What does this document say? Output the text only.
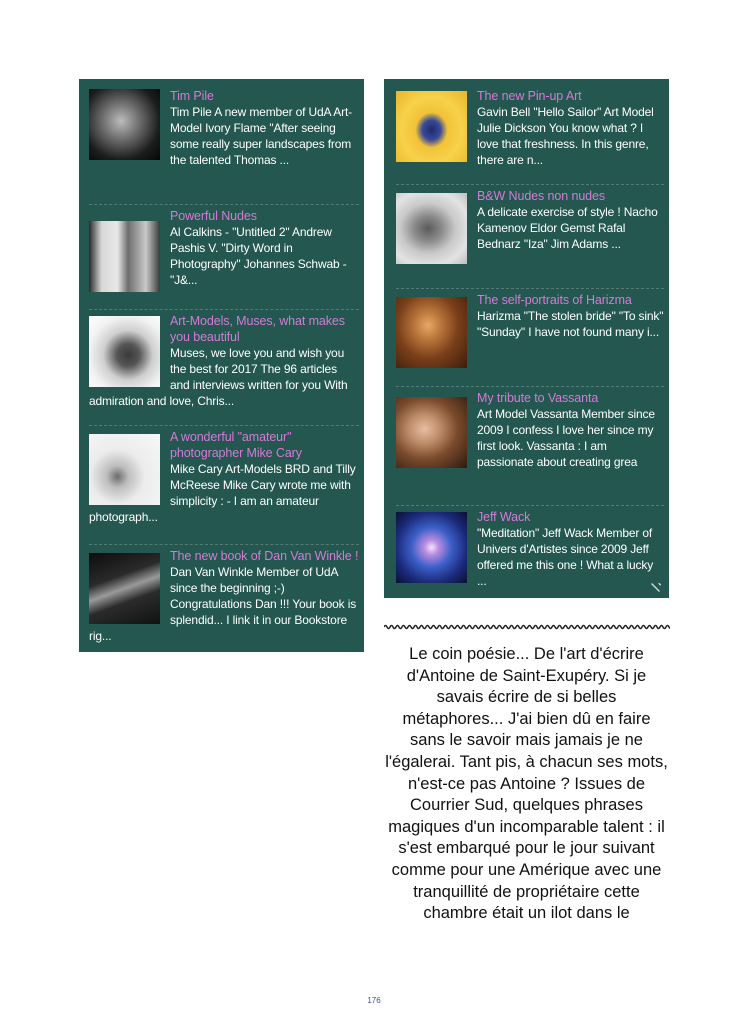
Tim Pile
Tim Pile A new member of UdA Art-Model Ivory Flame "After seeing some really super landscapes from the talented Thomas ...
Powerful Nudes
Al Calkins - "Untitled 2" Andrew Pashis V. "Dirty Word in Photography" Johannes Schwab - "J&...
Art-Models, Muses, what makes you beautiful
Muses, we love you and wish you the best for 2017 The 96 articles and interviews written for you With admiration and love, Chris...
A wonderful "amateur" photographer Mike Cary
Mike Cary Art-Models BRD and Tilly McReese Mike Cary wrote me with simplicity : - I am an amateur photograph...
The new book of Dan Van Winkle !
Dan Van Winkle Member of UdA since the beginning ;-) Congratulations Dan !!! Your book is splendid... I link it in our Bookstore rig...
The new Pin-up Art
Gavin Bell "Hello Sailor" Art Model Julie Dickson You know what ? I love that freshness. In this genre, there are n...
B&W Nudes non nudes
A delicate exercise of style ! Nacho Kamenov Eldor Gemst Rafal Bednarz "Iza" Jim Adams ...
The self-portraits of Harizma
Harizma "The stolen bride" "To sink" "Sunday" I have not found many i...
My tribute to Vassanta
Art Model Vassanta Member since 2009 I confess I love her since my first look. Vassanta : I am passionate about creating grea
Jeff Wack
"Meditation" Jeff Wack Member of Univers d'Artistes since 2009 Jeff offered me this one ! What a lucky ...
Le coin poésie... De l'art d'écrire d'Antoine de Saint-Exupéry. Si je savais écrire de si belles métaphores... J'ai bien dû en faire sans le savoir mais jamais je ne l'égalerai. Tant pis, à chacun ses mots, n'est-ce pas Antoine ? Issues de Courrier Sud, quelques phrases magiques d'un incomparable talent : il s'est embarqué pour le jour suivant comme pour une Amérique avec une tranquillité de propriétaire cette chambre était un ilot dans le
176
